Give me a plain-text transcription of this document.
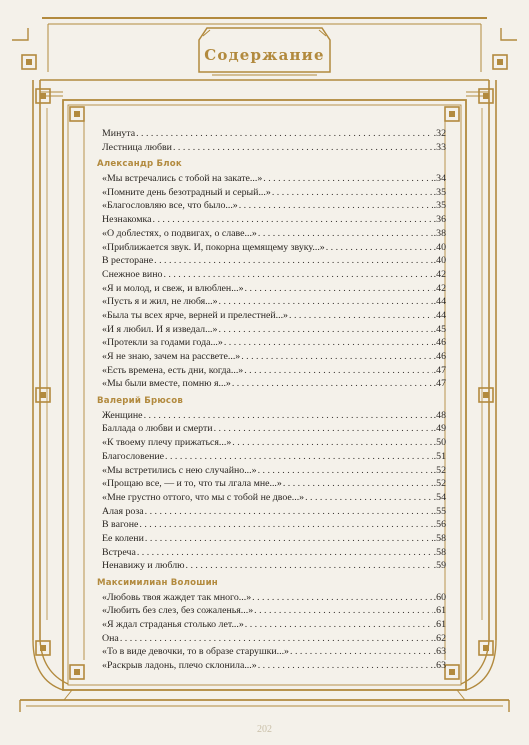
Содержание
Минута . . .	.32
Лестница любви . . .	.33
Александр Блок
«Мы встречались с тобой на закате...» . . .	.34
«Помните день безотрадный и серый...» . . .	.35
«Благословляю все, что было...» . . .	.35
Незнакомка . . .	.36
«О доблестях, о подвигах, о славе...» . . .	.38
«Приближается звук. И, покорна щемящему звуку...» . . .	.40
В ресторане . . .	.40
Снежное вино . . .	.42
«Я и молод, и свеж, и влюблен...» . . .	.42
«Пусть я и жил, не любя...» . . .	.44
«Была ты всех ярче, верней и прелестней...» . . .	.44
«И я любил. И я изведал...» . . .	.45
«Протекли за годами года...» . . .	.46
«Я не знаю, зачем на рассвете...» . . .	.46
«Есть времена, есть дни, когда...» . . .	.47
«Мы были вместе, помню я...» . . .	.47
Валерий Брюсов
Женщине . . .	.48
Баллада о любви и смерти . . .	.49
«К твоему плечу прижаться...» . . .	.50
Благословение . . .	.51
«Мы встретились с нею случайно...» . . .	.52
«Прощаю все, — и то, что ты лгала мне...» . . .	.52
«Мне грустно оттого, что мы с тобой не двое...» . . .	.54
Алая роза . . .	.55
В вагоне . . .	.56
Ее колени . . .	.58
Встреча . . .	.58
Ненавижу и люблю . . .	.59
Максимилиан Волошин
«Любовь твоя жаждет так много...» . . .	.60
«Любить без слез, без сожаленья...» . . .	.61
«Я ждал страданья столько лет...» . . .	.61
Она . . .	.62
«То в виде девочки, то в образе старушки...» . . .	.63
«Раскрыв ладонь, плечо склонила...» . . .	.63
202
